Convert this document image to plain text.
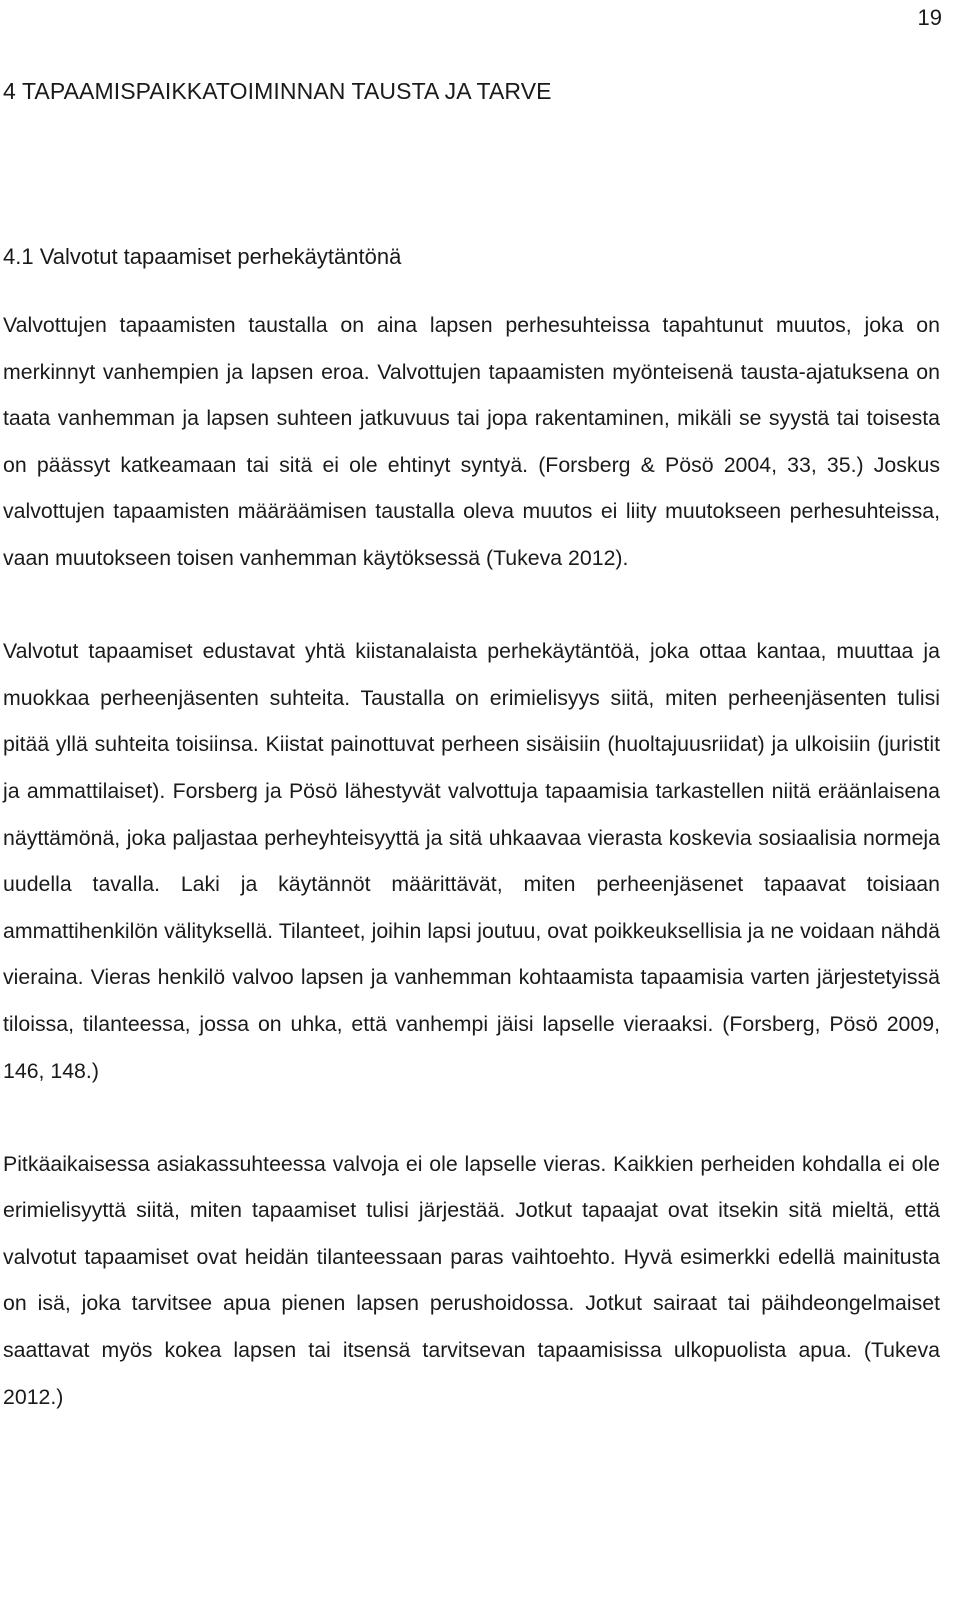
19
4 TAPAAMISPAIKKATOIMINNAN TAUSTA JA TARVE
4.1 Valvotut tapaamiset perhekäytäntönä

Valvottujen tapaamisten taustalla on aina lapsen perhesuhteissa tapahtunut muutos, joka on merkinnyt vanhempien ja lapsen eroa. Valvottujen tapaamisten myönteisenä tausta-ajatuksena on taata vanhemman ja lapsen suhteen jatkuvuus tai jopa rakentaminen, mikäli se syystä tai toisesta on päässyt katkeamaan tai sitä ei ole ehtinyt syntyä. (Forsberg & Pösö 2004, 33, 35.) Joskus valvottujen tapaamisten määräämisen taustalla oleva muutos ei liity muutokseen perhesuhteissa, vaan muutokseen toisen vanhemman käytöksessä (Tukeva 2012).

Valvotut tapaamiset edustavat yhtä kiistanalaista perhekäytäntöä, joka ottaa kantaa, muuttaa ja muokkaa perheenjäsenten suhteita. Taustalla on erimielisyys siitä, miten perheenjäsenten tulisi pitää yllä suhteita toisiinsa. Kiistat painottuvat perheen sisäisiin (huoltajuusriidat) ja ulkoisiin (juristit ja ammattilaiset). Forsberg ja Pösö lähestyvät valvottuja tapaamisia tarkastellen niitä eräänlaisena näyttämönä, joka paljastaa perheyhteisyyttä ja sitä uhkaavaa vierasta koskevia sosiaalisia normeja uudella tavalla. Laki ja käytännöt määrittävät, miten perheenjäsenet tapaavat toisiaan ammattihenkilön välityksellä. Tilanteet, joihin lapsi joutuu, ovat poikkeuksellisia ja ne voidaan nähdä vieraina. Vieras henkilö valvoo lapsen ja vanhemman kohtaamista tapaamisia varten järjestetyissä tiloissa, tilanteessa, jossa on uhka, että vanhempi jäisi lapselle vieraaksi. (Forsberg, Pösö 2009, 146, 148.)

Pitkäaikaisessa asiakassuhteessa valvoja ei ole lapselle vieras. Kaikkien perheiden kohdalla ei ole erimielisyyttä siitä, miten tapaamiset tulisi järjestää. Jotkut tapaajat ovat itsekin sitä mieltä, että valvotut tapaamiset ovat heidän tilanteessaan paras vaihtoehto. Hyvä esimerkki edellä mainitusta on isä, joka tarvitsee apua pienen lapsen perushoidossa. Jotkut sairaat tai päihdeongelmaiset saattavat myös kokea lapsen tai itsensä tarvitsevan tapaamisissa ulkopuolista apua. (Tukeva 2012.)
